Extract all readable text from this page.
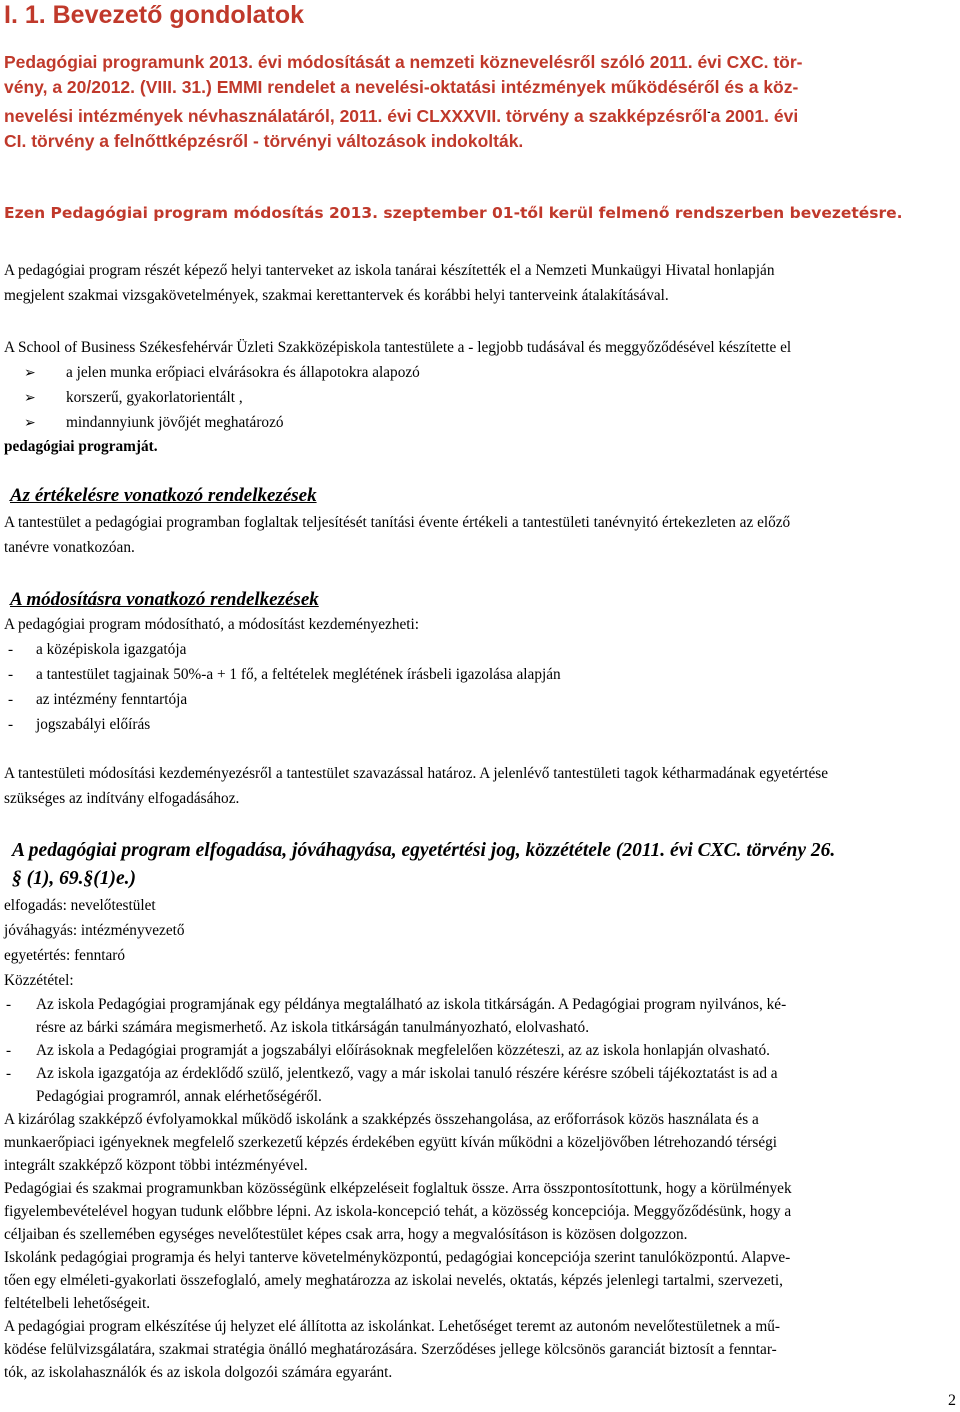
I. 1. Bevezető gondolatok
Pedagógiai programunk 2013. évi módosítását a nemzeti köznevelésről szóló 2011. évi CXC. tör-
vény, a 20/2012. (VIII. 31.) EMMI rendelet a nevelési-oktatási intézmények működéséről és a köz-
nevelési intézmények névhasználatáról, 2011. évi CLXXXVII. törvény a szakképzésről-a 2001. évi
CI. törvény a felnőttképzésről - törvényi változások indokolták.
Ezen Pedagógiai program módosítás 2013. szeptember 01-től kerül felmenő rendszerben bevezetésre.
A pedagógiai program részét képező helyi tanterveket az iskola tanárai készítették el a Nemzeti Munkaügyi Hivatal honlapján
megjelent szakmai vizsgakövetelmények, szakmai kerettantervek és korábbi helyi tanterveink átalakításával.
A School of Business Székesfehérvár Üzleti Szakközépiskola tantestülete a - legjobb tudásával és meggyőződésével készítette el
➢ a jelen munka erőpiaci elvárásokra és állapotokra alapozó
➢ korszerű, gyakorlatorientált ,
➢ mindannyiunk jövőjét meghatározó
pedagógiai programját.
Az értékelésre vonatkozó rendelkezések
A tantestület a pedagógiai programban foglaltak teljesítését tanítási évente értékeli a tantestületi tanévnyitó értekezleten az előző
tanévre vonatkozóan.
A módosításra vonatkozó rendelkezések
A pedagógiai program módosítható, a módosítást kezdeményezheti:
- a középiskola igazgatója
- a tantestület tagjainak 50%-a + 1 fő, a feltételek meglétének írásbeli igazolása alapján
- az intézmény fenntartója
- jogszabályi előírás
A tantestületi módosítási kezdeményezésről a tantestület szavazással határoz. A jelenlévő tantestületi tagok kétharmadának egyetértése
szükséges az indítvány elfogadásához.
A pedagógiai program elfogadása, jóváhagyása, egyetértési jog, közzététele (2011. évi CXC. törvény 26.
§ (1), 69.§(1)e.)
elfogadás: nevelőtestület
jóváhagyás: intézményvezető
egyetértés: fenntaró
Közzététel:
- Az iskola Pedagógiai programjának egy példánya megtalálható az iskola titkárságán. A Pedagógiai program nyilvános, ké-
résre az bárki számára megismerhető. Az iskola titkárságán tanulmányozható, elolvasható.
- Az iskola a Pedagógiai programját a jogszabályi előírásoknak megfelelően közzéteszi, az az iskola honlapján olvasható.
- Az iskola igazgatója az érdeklődő szülő, jelentkező, vagy a már iskolai tanuló részére kérésre szóbeli tájékoztatást is ad a
Pedagógiai programról, annak elérhetőségéről.
A kizárólag szakképző évfolyamokkal működő iskolánk a szakképzés összehangolása, az erőforrások közös használata és a
munkaerőpiaci igényeknek megfelelő szerkezetű képzés érdekében együtt kíván működni a közeljövőben létrehozandó térségi
integrált szakképző központ többi intézményével.
Pedagógiai és szakmai programunkban közösségünk elképzeléseit foglaltuk össze. Arra összpontosítottunk, hogy a körülmények
figyelembevételével hogyan tudunk előbbre lépni. Az iskola-koncepció tehát, a közösség koncepciója. Meggyőződésünk, hogy a
céljaiban és szellemében egységes nevelőtestület képes csak arra, hogy a megvalósításon is közösen dolgozzon.
Iskolánk pedagógiai programja és helyi tanterve követelményközpontú, pedagógiai koncepciója szerint tanulóközpontú. Alapve-
tően egy elméleti-gyakorlati összefoglaló, amely meghatározza az iskolai nevelés, oktatás, képzés jelenlegi tartalmi, szervezeti,
feltételbeli lehetőségeit.
A pedagógiai program elkészítése új helyzet elé állította az iskolánkat. Lehetőséget teremt az autonóm nevelőtestületnek a mű-
ködése felülvizsgálatára, szakmai stratégia önálló meghatározására. Szerződéses jellege kölcsönös garanciát biztosít a fenntar-
tók, az iskolahasználók és az iskola dolgozói számára egyaránt.
2
